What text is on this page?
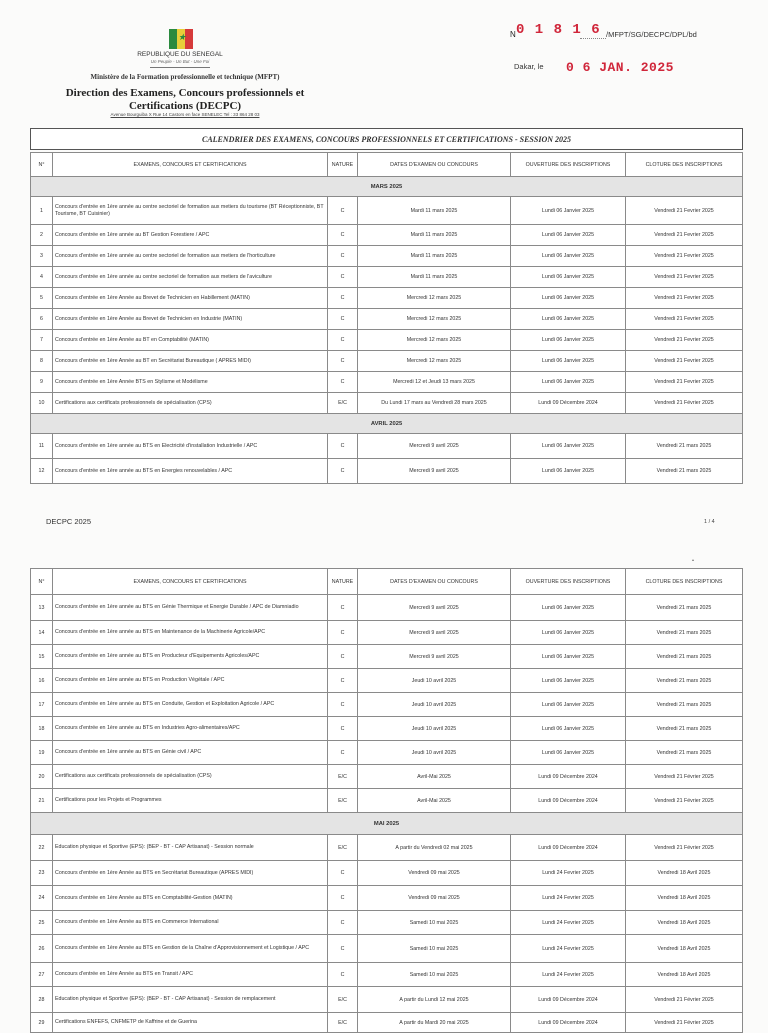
★
REPUBLIQUE DU SENEGAL
Un Peuple - Un But - Une Foi
Ministère de la Formation professionnelle et technique (MFPT)
Direction des Examens, Concours professionnels et
Certifications (DECPC)
Avenue Bourguiba X Rue 14 Castors en face SENELEC Tel : 33 864 28 03
N 0 1 8 1 6 /MFPT/SG/DECPC/DPL/bd
Dakar, le 0 6 JAN. 2025
CALENDRIER DES EXAMENS, CONCOURS PROFESSIONNELS ET CERTIFICATIONS - SESSION 2025
N°	EXAMENS, CONCOURS ET CERTIFICATIONS	NATURE	DATES D'EXAMEN OU CONCOURS	OUVERTURE DES INSCRIPTIONS	CLOTURE DES INSCRIPTIONS
MARS 2025					
1	Concours d'entrée en 1ère année au centre sectoriel de formation aux metiers du tourisme (BT Réceptionniste, BT Tourisme, BT Cuisinier)	C	Mardi 11 mars 2025	Lundi 06 Janvier 2025	Vendredi 21 Fevrier 2025
2	Concours d'entrée en 1ère année au BT Gestion Forestiere / APC	C	Mardi 11 mars 2025	Lundi 06 Janvier 2025	Vendredi 21 Fevrier 2025
3	Concours d'entrée en 1ère année au centre sectoriel de formation aux metiers de l'horticulture	C	Mardi 11 mars 2025	Lundi 06 Janvier 2025	Vendredi 21 Fevrier 2025
4	Concours d'entrée en 1ère année au centre sectoriel de formation aux metiers de l'aviculture	C	Mardi 11 mars 2025	Lundi 06 Janvier 2025	Vendredi 21 Fevrier 2025
5	Concours d'entrée en 1ère Année au Brevet de Technicien en Habillement (MATIN)	C	Mercredi 12 mars 2025	Lundi 06 Janvier 2025	Vendredi 21 Fevrier 2025
6	Concours d'entrée en 1ère Année au Brevet de Technicien en Industrie (MATIN)	C	Mercredi 12 mars 2025	Lundi 06 Janvier 2025	Vendredi 21 Fevrier 2025
7	Concours d'entrée en 1ère Année au BT en Comptabilité (MATIN)	C	Mercredi 12 mars 2025	Lundi 06 Janvier 2025	Vendredi 21 Fevrier 2025
8	Concours d'entrée en 1ère Année au BT en Secrétariat Bureautique ( APRES MIDI)	C	Mercredi 12 mars 2025	Lundi 06 Janvier 2025	Vendredi 21 Fevrier 2025
9	Concours d'entrée en 1ère Année BTS en Stylisme et Modélisme	C	Mercredi 12 et Jeudi 13 mars 2025	Lundi 06 Janvier 2025	Vendredi 21 Fevrier 2025
10	Certifications aux certificats professionnels de spécialisation (CPS)	E/C	Du Lundi 17 mars au Vendredi 28 mars 2025	Lundi 09 Décembre 2024	Vendredi 21 Février 2025
AVRIL 2025					
11	Concours d'entrée en 1ère année au BTS en Electricité d'installation Industrielle / APC	C	Mercredi 9 avril 2025	Lundi 06 Janvier 2025	Vendredi 21 mars 2025
12	Concours d'entrée en 1ère année au BTS en Energies renouvelables / APC	C	Mercredi 9 avril 2025	Lundi 06 Janvier 2025	Vendredi 21 mars 2025
DECPC 2025	1 / 4
▴
N°	EXAMENS, CONCOURS ET CERTIFICATIONS	NATURE	DATES D'EXAMEN OU CONCOURS	OUVERTURE DES INSCRIPTIONS	CLOTURE DES INSCRIPTIONS
13	Concours d'entrée en 1ère année au BTS en Génie Thermique et Energie Durable / APC de Diamniadio	C	Mercredi 9 avril 2025	Lundi 06 Janvier 2025	Vendredi 21 mars 2025
14	Concours d'entrée en 1ère année au BTS en Maintenance de la Machinerie Agricole/APC	C	Mercredi 9 avril 2025	Lundi 06 Janvier 2025	Vendredi 21 mars 2025
15	Concours d'entrée en 1ère année au BTS en Producteur d'Equipements Agricoles/APC	C	Mercredi 9 avril 2025	Lundi 06 Janvier 2025	Vendredi 21 mars 2025
16	Concours d'entrée en 1ère année au BTS en Production Végétale / APC	C	Jeudi 10 avril 2025	Lundi 06 Janvier 2025	Vendredi 21 mars 2025
17	Concours d'entrée en 1ère année au BTS en Conduite, Gestion et Exploitation Agricole / APC	C	Jeudi 10 avril 2025	Lundi 06 Janvier 2025	Vendredi 21 mars 2025
18	Concours d'entrée en 1ère année au BTS en Industries Agro-alimentaires/APC	C	Jeudi 10 avril 2025	Lundi 06 Janvier 2025	Vendredi 21 mars 2025
19	Concours d'entrée en 1ère année au BTS en Génie civil / APC	C	Jeudi 10 avril 2025	Lundi 06 Janvier 2025	Vendredi 21 mars 2025
20	Certifications aux certificats professionnels de spécialisation (CPS)	E/C	Avril-Mai 2025	Lundi 09 Décembre 2024	Vendredi 21 Février 2025
21	Certifications pour les Projets et Programmes	E/C	Avril-Mai 2025	Lundi 09 Décembre 2024	Vendredi 21 Février 2025
MAI 2025					
22	Education physique et Sportive (EPS): (BEP - BT - CAP Artisanat) - Session normale	E/C	A partir du Vendredi 02 mai 2025	Lundi 09 Décembre 2024	Vendredi 21 Février 2025
23	Concours d'entrée en 1ère Année au BTS en Secrétariat Bureautique (APRES MIDI)	C	Vendredi 09 mai 2025	Lundi 24 Fevrier 2025	Vendredi 18 Avril 2025
24	Concours d'entrée en 1ère Année au BTS en Comptabilité-Gestion (MATIN)	C	Vendredi 09 mai 2025	Lundi 24 Fevrier 2025	Vendredi 18 Avril 2025
25	Concours d'entrée en 1ère Année au BTS en Commerce International	C	Samedi 10 mai 2025	Lundi 24 Fevrier 2025	Vendredi 18 Avril 2025
26	Concours d'entrée en 1ère Année au BTS en Gestion de la Chaîne d'Approvisionnement et Logistique / APC	C	Samedi 10 mai 2025	Lundi 24 Fevrier 2025	Vendredi 18 Avril 2025
27	Concours d'entrée en 1ère Année au BTS en Transit / APC	C	Samedi 10 mai 2025	Lundi 24 Fevrier 2025	Vendredi 18 Avril 2025
28	Education physique et Sportive (EPS): (BEP - BT - CAP Artisanat) - Session de remplacement	E/C	A partir du Lundi 12 mai 2025	Lundi 09 Décembre 2024	Vendredi 21 Février 2025
29	Certifications ENFEFS, CNFMETP de Kaffrine et de Guerina	E/C	A partir du Mardi 20 mai 2025	Lundi 09 Décembre 2024	Vendredi 21 Février 2025
